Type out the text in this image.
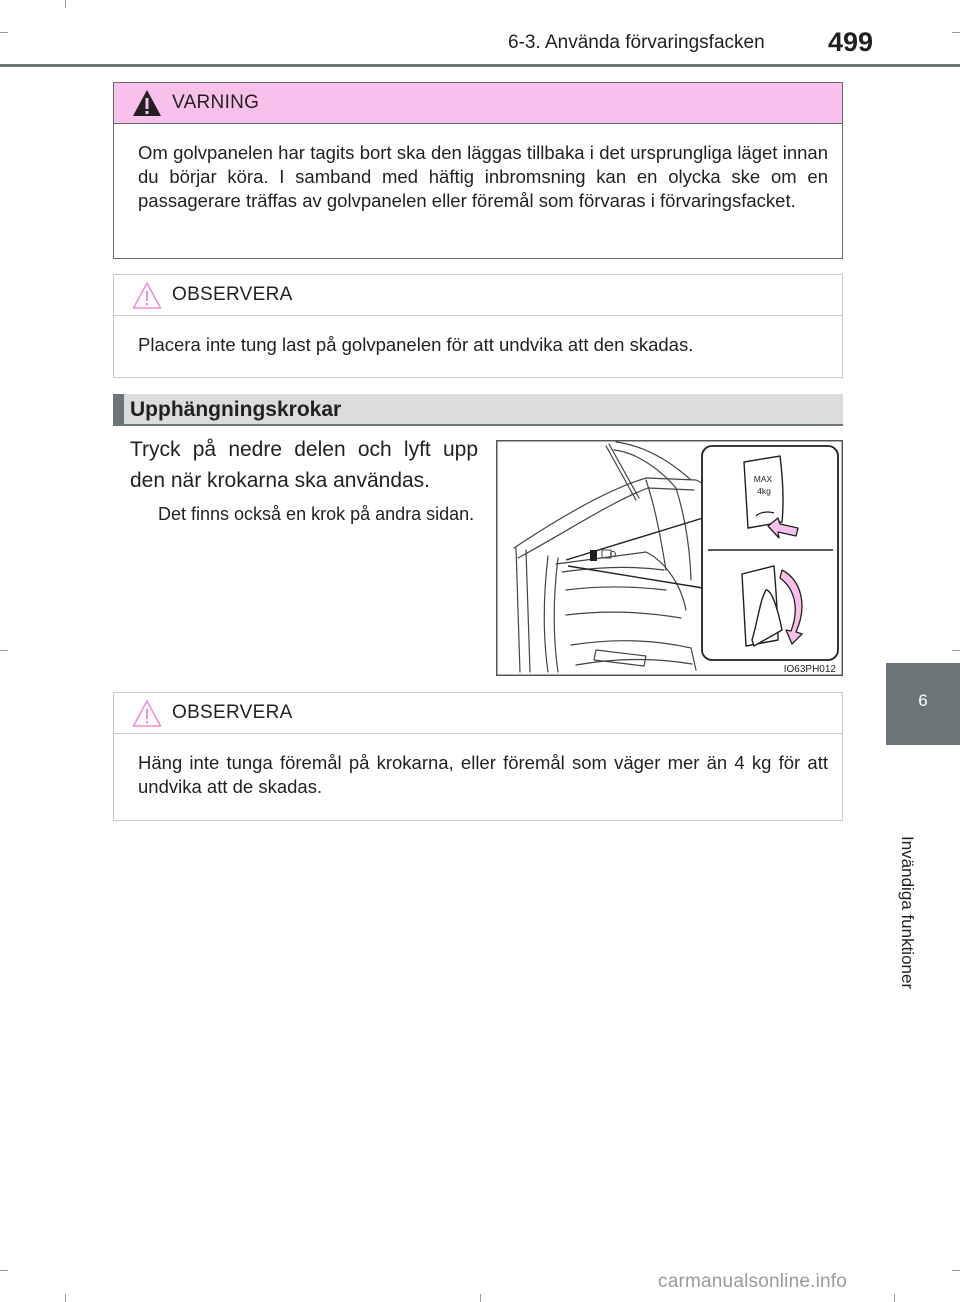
6-3. Använda förvaringsfacken 499
6
Invändiga funktioner
VARNING
Om golvpanelen har tagits bort ska den läggas tillbaka i det ursprungliga läget innan du börjar köra. I samband med häftig inbromsning kan en olycka ske om en passagerare träffas av golvpanelen eller föremål som förvaras i förvaringsfacket.
OBSERVERA
Placera inte tung last på golvpanelen för att undvika att den skadas.
Upphängningskrokar
Tryck på nedre delen och lyft upp den när krokarna ska användas.
Det finns också en krok på andra sidan.
MAX
4kg
IO63PH012
OBSERVERA
Häng inte tunga föremål på krokarna, eller föremål som väger mer än 4 kg för att undvika att de skadas.
carmanualsonline.info
